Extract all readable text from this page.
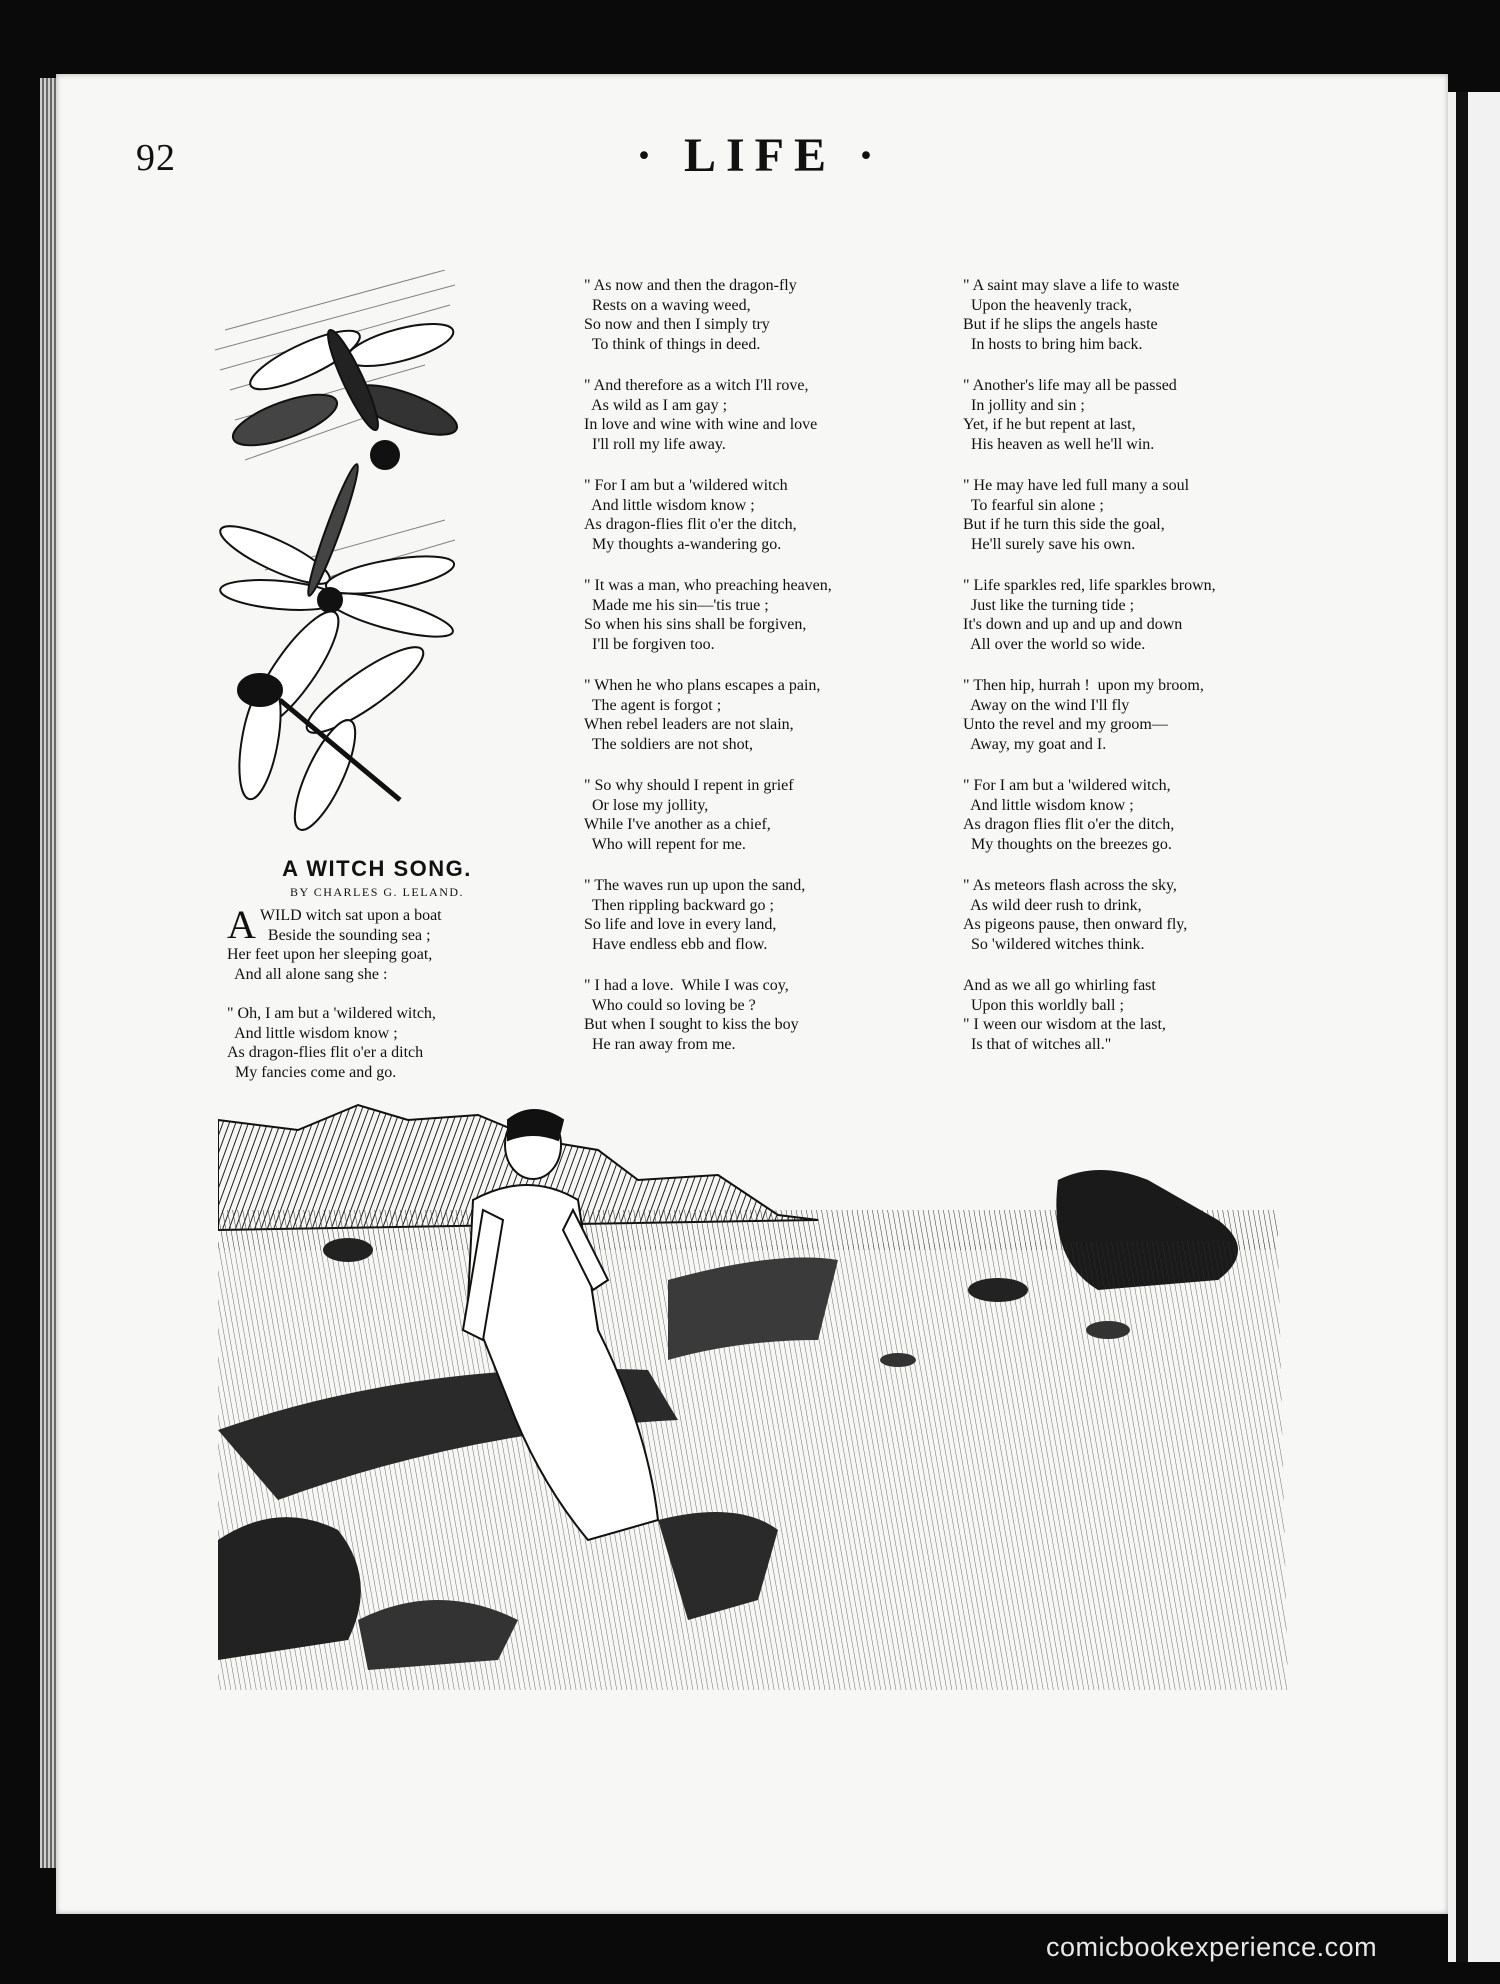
92	· LIFE ·
A WITCH SONG.
BY CHARLES G. LELAND.
A WILD witch sat upon a boat
Beside the sounding sea ;
Her feet upon her sleeping goat,
And all alone sang she :
" Oh, I am but a 'wildered witch,
And little wisdom know ;
As dragon-flies flit o'er a ditch
My fancies come and go.
" As now and then the dragon-fly
Rests on a waving weed,
So now and then I simply try
To think of things in deed.
" And therefore as a witch I'll rove,
As wild as I am gay ;
In love and wine with wine and love
I'll roll my life away.
" For I am but a 'wildered witch
And little wisdom know ;
As dragon-flies flit o'er the ditch,
My thoughts a-wandering go.
" It was a man, who preaching heaven,
Made me his sin—'tis true ;
So when his sins shall be forgiven,
I'll be forgiven too.
" When he who plans escapes a pain,
The agent is forgot ;
When rebel leaders are not slain,
The soldiers are not shot,
" So why should I repent in grief
Or lose my jollity,
While I've another as a chief,
Who will repent for me.
" The waves run up upon the sand,
Then rippling backward go ;
So life and love in every land,
Have endless ebb and flow.
" I had a love.  While I was coy,
Who could so loving be ?
But when I sought to kiss the boy
He ran away from me.
" A saint may slave a life to waste
Upon the heavenly track,
But if he slips the angels haste
In hosts to bring him back.
" Another's life may all be passed
In jollity and sin ;
Yet, if he but repent at last,
His heaven as well he'll win.
" He may have led full many a soul
To fearful sin alone ;
But if he turn this side the goal,
He'll surely save his own.
" Life sparkles red, life sparkles brown,
Just like the turning tide ;
It's down and up and up and down
All over the world so wide.
" Then hip, hurrah !  upon my broom,
Away on the wind I'll fly
Unto the revel and my groom—
Away, my goat and I.
" For I am but a 'wildered witch,
And little wisdom know ;
As dragon flies flit o'er the ditch,
My thoughts on the breezes go.
" As meteors flash across the sky,
As wild deer rush to drink,
As pigeons pause, then onward fly,
So 'wildered witches think.
And as we all go whirling fast
Upon this worldly ball ;
" I ween our wisdom at the last,
Is that of witches all."
comicbookexperience.com
